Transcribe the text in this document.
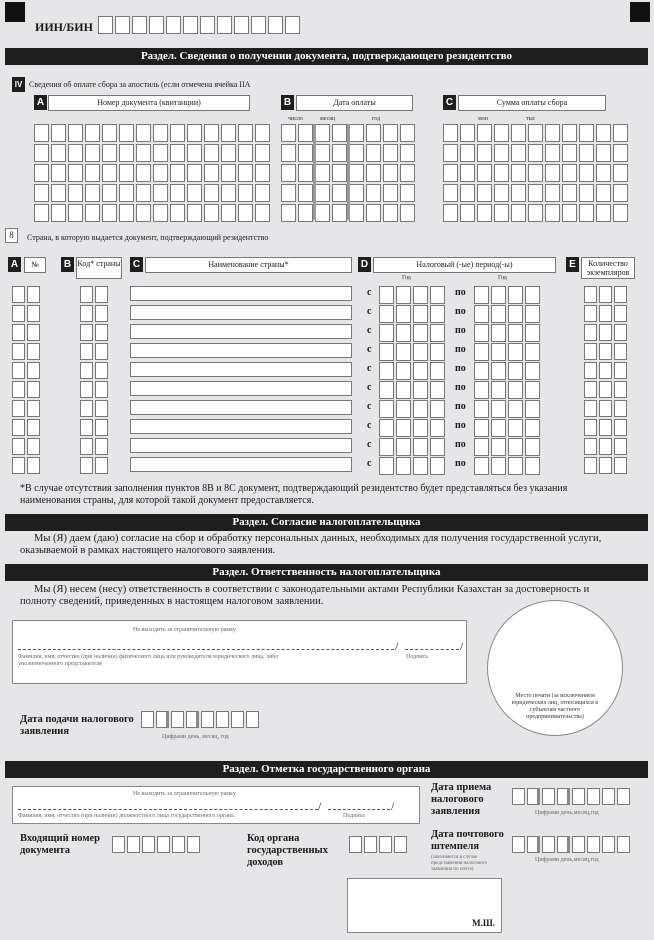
ИИН/БИН
Раздел. Сведения о получении документа, подтверждающего резидентство
IV Сведения об оплате сбора за апостиль (если отмечена ячейка IIA
A	Номер документа (квитанции)	B	Дата оплаты	C	Сумма оплаты сбора
число	месяц	год	млн	тыс
8	Страна, в которую выдается документ, подтверждающий резидентство
A	№	B Код* страны C	Наименование страны*	D	Налоговый (-ые) период(-ы)
Год	Год
E	Количество экземпляров
с	по
с	по
с	по
с	по
с	по
с	по
с	по
с	по
с	по
с	по
*В случае отсутствия заполнения пунктов 8B и 8C документ, подтверждающий резидентство будет представляться без указания наименования страны, для которой такой документ предоставляется.
Раздел. Согласие налогоплательщика
Мы (Я) даем (даю) согласие на сбор и обработку персональных данных, необходимых для получения государственной услуги, оказываемой в рамках настоящего налогового заявления.
Раздел. Ответственность налогоплательщика
Мы (Я) несем (несу) ответственность в соответствии с законодательными актами Республики Казахстан за достоверность и полноту сведений, приведенных в настоящем налоговом заявлении.
Не выходить за ограничительную рамку
/	/
Фамилия, имя, отчество (при наличии) физического лица или руководителя юридического лица, либо уполномоченного представителя
Подпись
Место печати (за исключением юридических лиц, относящихся к субъектам частного предпринимательства)
Дата подачи налогового заявления	Цифрами день, месяц, год
Раздел. Отметка государственного органа
Не выходить за ограничительную рамку
/	/
Фамилия, имя, отчество (при наличии) должностного лица государственного органа	Подпись
Дата приема налогового заявления	Цифрами день,месяц,год
Входящий номер документа
Код органа государственных доходов
Дата почтового штемпеля
(заполняется в случае представления налогового заявления по почте)
Цифрами день,месяц,год
М.Ш.
